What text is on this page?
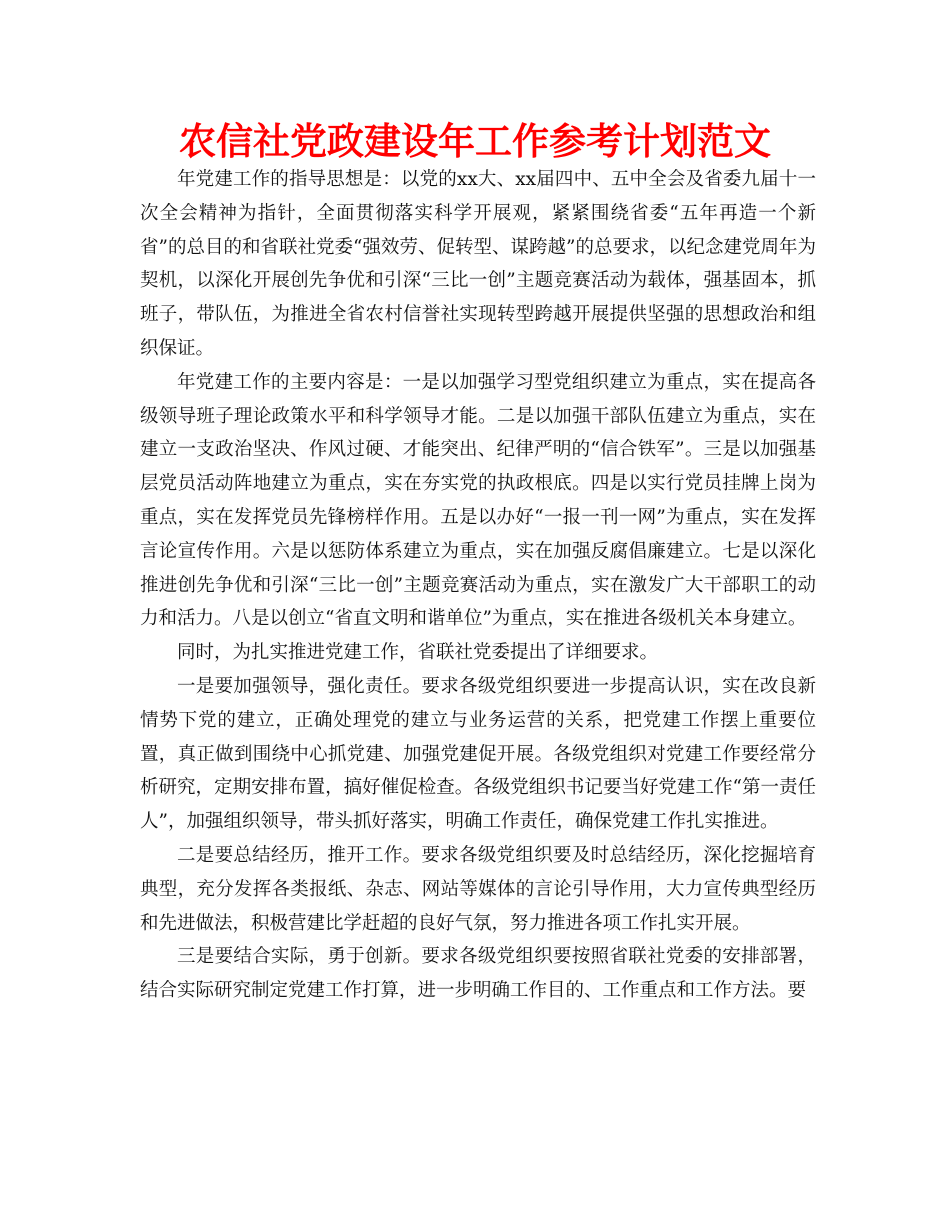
农信社党政建设年工作参考计划范文

年党建工作的指导思想是：以党的xx大、xx届四中、五中全会及省委九届十一次全会精神为指针，全面贯彻落实科学开展观，紧紧围绕省委“五年再造一个新省”的总目的和省联社党委“强效劳、促转型、谋跨越”的总要求，以纪念建党周年为契机，以深化开展创先争优和引深“三比一创”主题竞赛活动为载体，强基固本，抓班子，带队伍，为推进全省农村信誉社实现转型跨越开展提供坚强的思想政治和组织保证。

年党建工作的主要内容是：一是以加强学习型党组织建立为重点，实在提高各级领导班子理论政策水平和科学领导才能。二是以加强干部队伍建立为重点，实在建立一支政治坚决、作风过硬、才能突出、纪律严明的“信合铁军”。三是以加强基层党员活动阵地建立为重点，实在夯实党的执政根底。四是以实行党员挂牌上岗为重点，实在发挥党员先锋榜样作用。五是以办好“一报一刊一网”为重点，实在发挥言论宣传作用。六是以惩防体系建立为重点，实在加强反腐倡廉建立。七是以深化推进创先争优和引深“三比一创”主题竞赛活动为重点，实在激发广大干部职工的动力和活力。八是以创立“省直文明和谐单位”为重点，实在推进各级机关本身建立。

同时，为扎实推进党建工作，省联社党委提出了详细要求。

一是要加强领导，强化责任。要求各级党组织要进一步提高认识，实在改良新情势下党的建立，正确处理党的建立与业务运营的关系，把党建工作摆上重要位置，真正做到围绕中心抓党建、加强党建促开展。各级党组织对党建工作要经常分析研究，定期安排布置，搞好催促检查。各级党组织书记要当好党建工作“第一责任人”，加强组织领导，带头抓好落实，明确工作责任，确保党建工作扎实推进。

二是要总结经历，推开工作。要求各级党组织要及时总结经历，深化挖掘培育典型，充分发挥各类报纸、杂志、网站等媒体的言论引导作用，大力宣传典型经历和先进做法，积极营建比学赶超的良好气氛，努力推进各项工作扎实开展。

三是要结合实际，勇于创新。要求各级党组织要按照省联社党委的安排部署，结合实际研究制定党建工作打算，进一步明确工作目的、工作重点和工作方法。要
